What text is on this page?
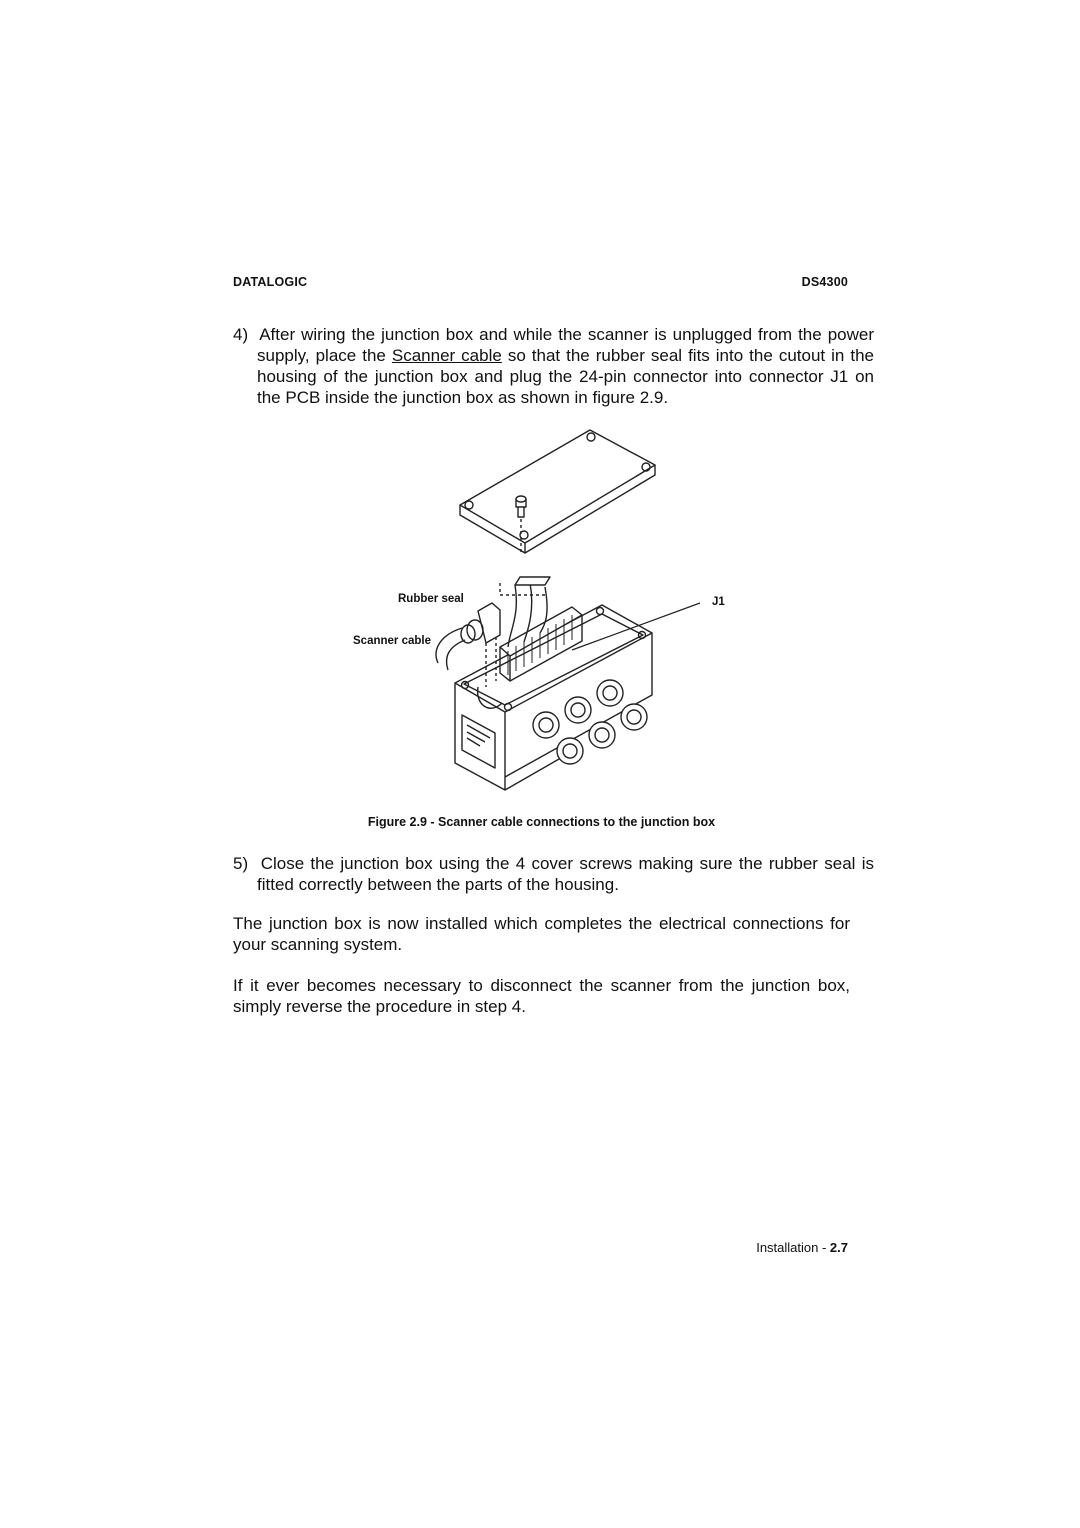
DATALOGIC	DS4300
4) After wiring the junction box and while the scanner is unplugged from the power supply, place the Scanner cable so that the rubber seal fits into the cutout in the housing of the junction box and plug the 24-pin connector into connector J1 on the PCB inside the junction box as shown in figure 2.9.
Rubber seal
Scanner cable
J1
Figure 2.9 - Scanner cable connections to the junction box
5) Close the junction box using the 4 cover screws making sure the rubber seal is fitted correctly between the parts of the housing.
The junction box is now installed which completes the electrical connections for your scanning system.
If it ever becomes necessary to disconnect the scanner from the junction box, simply reverse the procedure in step 4.
Installation - 2.7
